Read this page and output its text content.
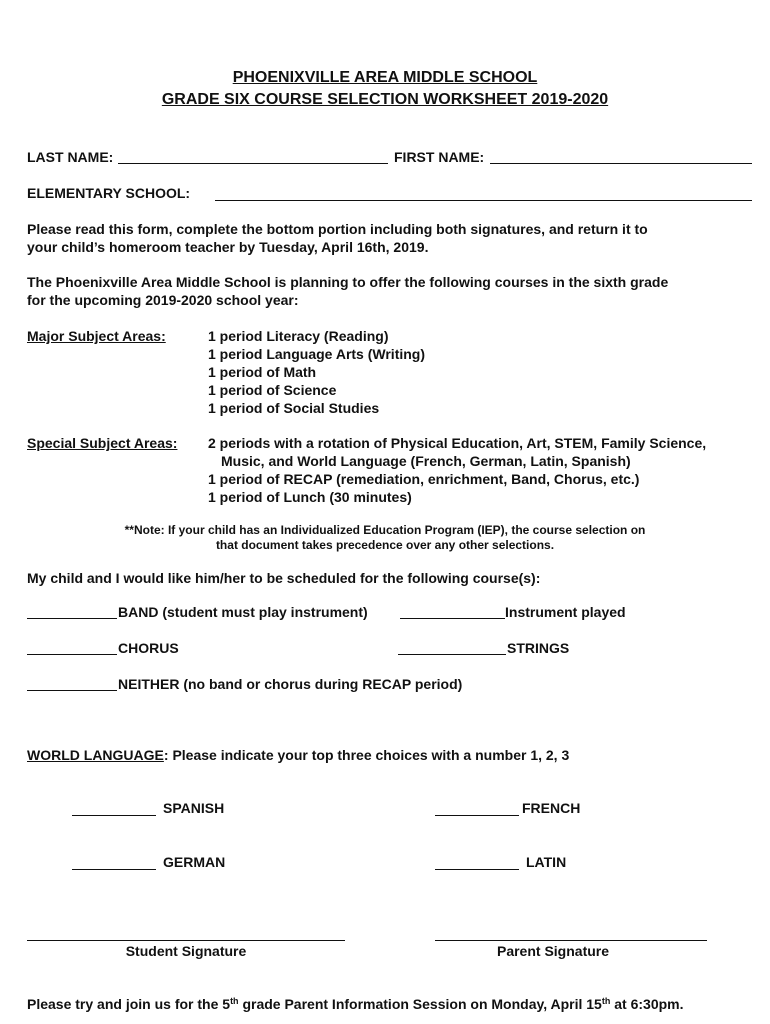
PHOENIXVILLE AREA MIDDLE SCHOOL
GRADE SIX COURSE SELECTION WORKSHEET 2019-2020
LAST NAME:	FIRST NAME:
ELEMENTARY SCHOOL:
Please read this form, complete the bottom portion including both signatures, and return it to
your child’s homeroom teacher by Tuesday, April 16th, 2019.
The Phoenixville Area Middle School is planning to offer the following courses in the sixth grade
for the upcoming 2019-2020 school year:
Major Subject Areas:	1 period Literacy (Reading)
1 period Language Arts (Writing)
1 period of Math
1 period of Science
1 period of Social Studies
Special Subject Areas: 2 periods with a rotation of Physical Education, Art, STEM, Family Science,
Music, and World Language (French, German, Latin, Spanish)
1 period of RECAP (remediation, enrichment, Band, Chorus, etc.)
1 period of Lunch (30 minutes)
**Note: If your child has an Individualized Education Program (IEP), the course selection on
that document takes precedence over any other selections.
My child and I would like him/her to be scheduled for the following course(s):
BAND (student must play instrument)	Instrument played
CHORUS	STRINGS
NEITHER (no band or chorus during RECAP period)
WORLD LANGUAGE: Please indicate your top three choices with a number 1, 2, 3
SPANISH	FRENCH
GERMAN	LATIN
Student Signature	Parent Signature
Please try and join us for the 5th grade Parent Information Session on Monday, April 15th at 6:30pm.
